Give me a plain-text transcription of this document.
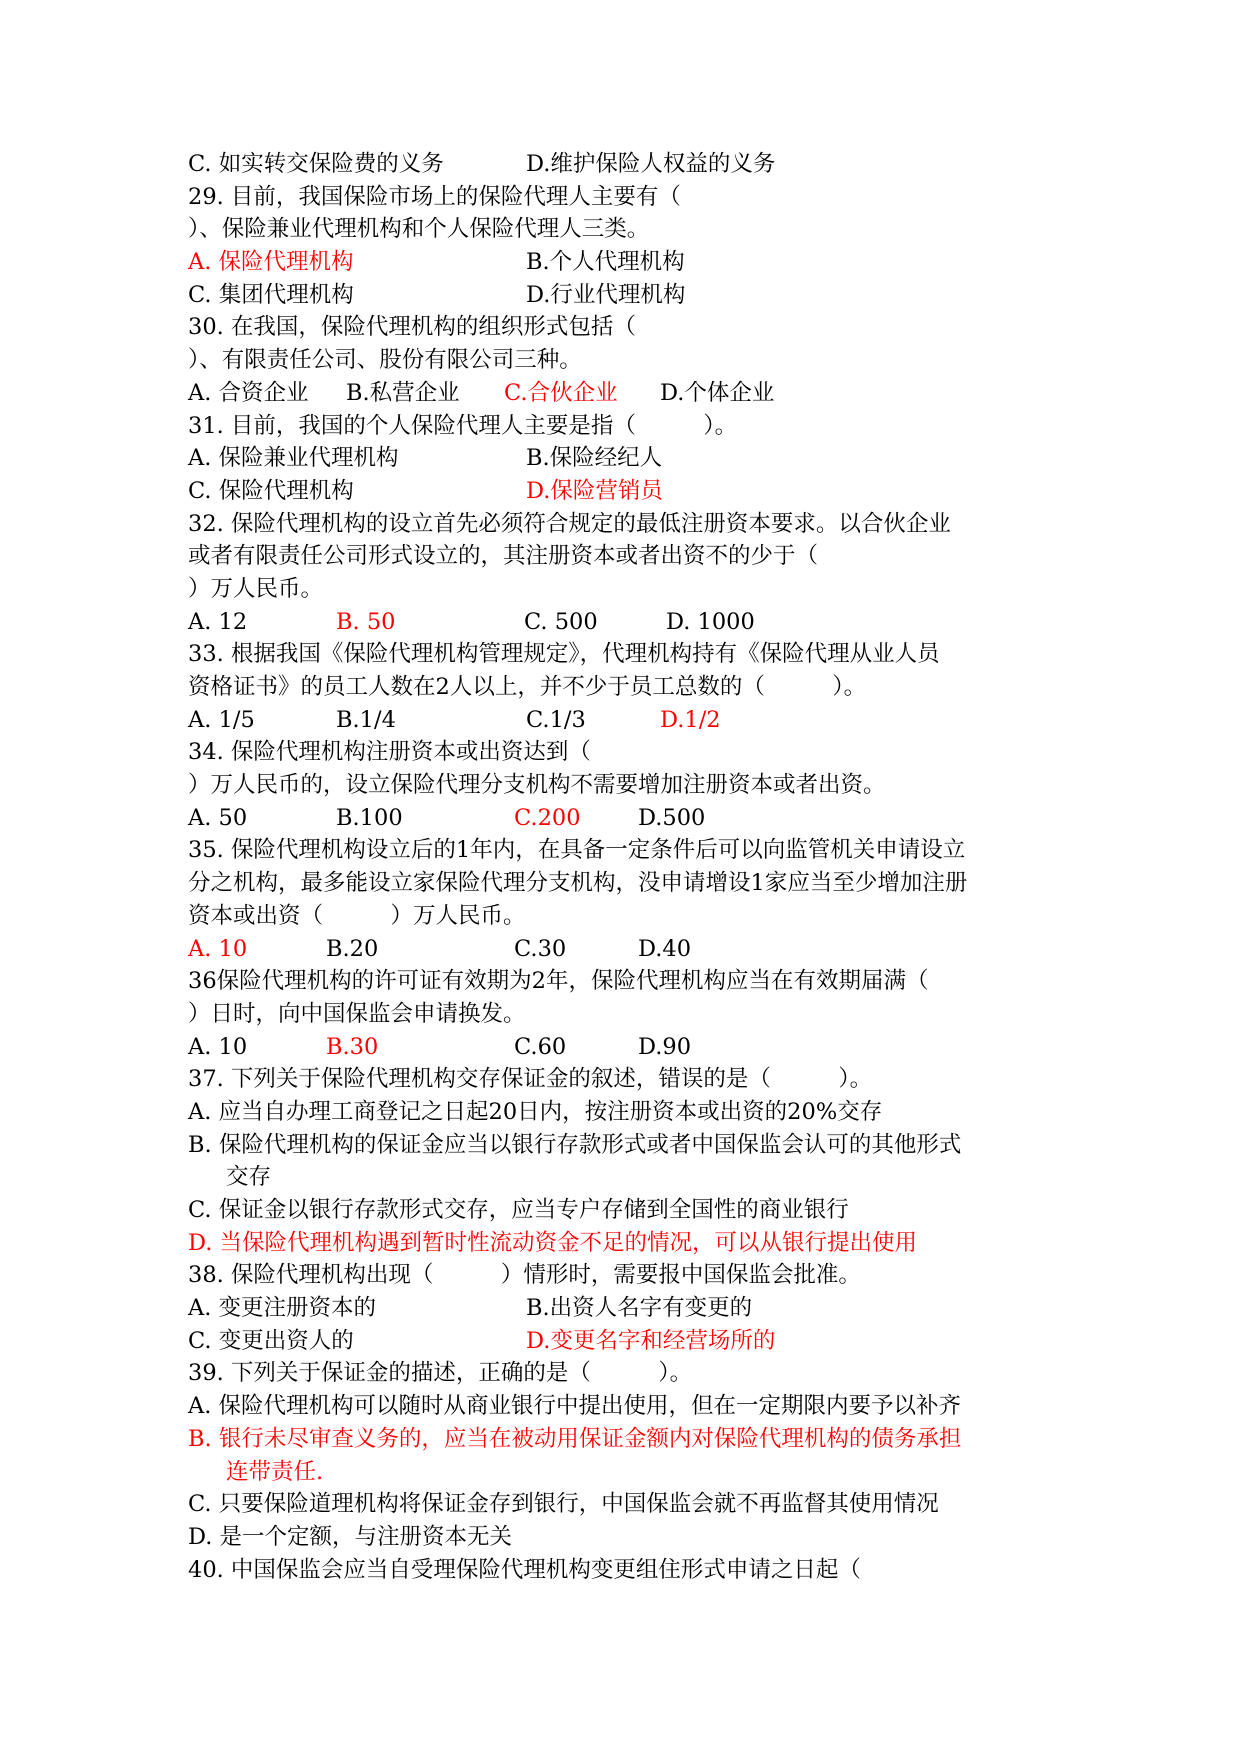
C. 如实转交保险费的义务	D.维护保险人权益的义务
29. 目前，我国保险市场上的保险代理人主要有（
）、保险兼业代理机构和个人保险代理人三类。
A. 保险代理机构	B.个人代理机构
C. 集团代理机构	D.行业代理机构
30. 在我国，保险代理机构的组织形式包括（
）、有限责任公司、股份有限公司三种。
A. 合资企业 B.私营企业 C.合伙企业 D.个体企业
31. 目前，我国的个人保险代理人主要是指（　　　）。
A. 保险兼业代理机构	B.保险经纪人
C. 保险代理机构	D.保险营销员
32. 保险代理机构的设立首先必须符合规定的最低注册资本要求。以合伙企业
或者有限责任公司形式设立的，其注册资本或者出资不的少于（
）万人民币。
A. 12	B. 50	C. 500	D. 1000
33. 根据我国《保险代理机构管理规定》，代理机构持有《保险代理从业人员
资格证书》的员工人数在2人以上，并不少于员工总数的（　　　）。
A. 1/5	B.1/4	C.1/3	D.1/2
34. 保险代理机构注册资本或出资达到（
）万人民币的，设立保险代理分支机构不需要增加注册资本或者出资。
A. 50	B.100	C.200	D.500
35. 保险代理机构设立后的1年内，在具备一定条件后可以向监管机关申请设立
分之机构，最多能设立家保险代理分支机构，没申请增设1家应当至少增加注册
资本或出资（　　　）万人民币。
A. 10	B.20	C.30	D.40
36保险代理机构的许可证有效期为2年，保险代理机构应当在有效期届满（
）日时，向中国保监会申请换发。
A. 10	B.30	C.60	D.90
37. 下列关于保险代理机构交存保证金的叙述，错误的是（　　　）。
A. 应当自办理工商登记之日起20日内，按注册资本或出资的20%交存
B. 保险代理机构的保证金应当以银行存款形式或者中国保监会认可的其他形式
交存
C. 保证金以银行存款形式交存，应当专户存储到全国性的商业银行
D. 当保险代理机构遇到暂时性流动资金不足的情况，可以从银行提出使用
38. 保险代理机构出现（　　　）情形时，需要报中国保监会批准。
A. 变更注册资本的	B.出资人名字有变更的
C. 变更出资人的	D.变更名字和经营场所的
39. 下列关于保证金的描述，正确的是（　　　）。
A. 保险代理机构可以随时从商业银行中提出使用，但在一定期限内要予以补齐
B. 银行未尽审查义务的，应当在被动用保证金额内对保险代理机构的债务承担
连带责任.
C. 只要保险道理机构将保证金存到银行，中国保监会就不再监督其使用情况
D. 是一个定额，与注册资本无关
40. 中国保监会应当自受理保险代理机构变更组住形式申请之日起（
